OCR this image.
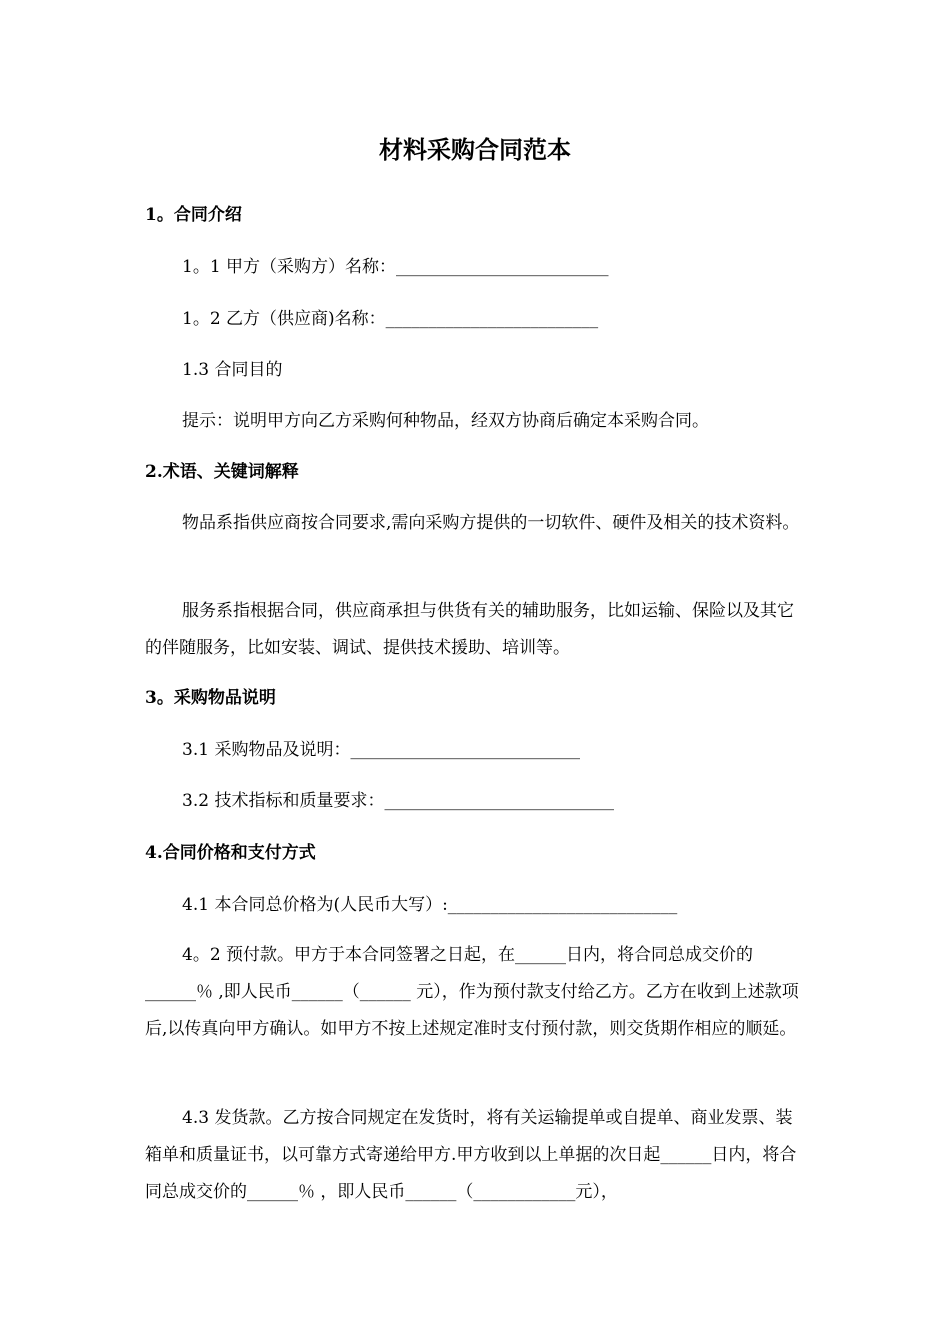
材料采购合同范本
1。合同介绍

1。1 甲方（采购方）名称：_________________________

1。2 乙方（供应商)名称：_________________________

1.3 合同目的

提示：说明甲方向乙方采购何种物品，经双方协商后确定本采购合同。

2.术语、关键词解释

物品系指供应商按合同要求,需向采购方提供的一切软件、硬件及相关的技术资料。

服务系指根据合同，供应商承担与供货有关的辅助服务，比如运输、保险以及其它的伴随服务，比如安装、调试、提供技术援助、培训等。

3。采购物品说明

3.1 采购物品及说明：___________________________

3.2 技术指标和质量要求：___________________________

4.合同价格和支付方式

4.1 本合同总价格为(人民币大写）:___________________________

4。2 预付款。甲方于本合同签署之日起，在______日内，将合同总成交价的 ______％ ,即人民币______（______ 元），作为预付款支付给乙方。乙方在收到上述款项后,以传真向甲方确认。如甲方不按上述规定准时支付预付款，则交货期作相应的顺延。

4.3 发货款。乙方按合同规定在发货时，将有关运输提单或自提单、商业发票、装箱单和质量证书，以可靠方式寄递给甲方.甲方收到以上单据的次日起______日内，将合同总成交价的______％ ，即人民币______（____________元），
